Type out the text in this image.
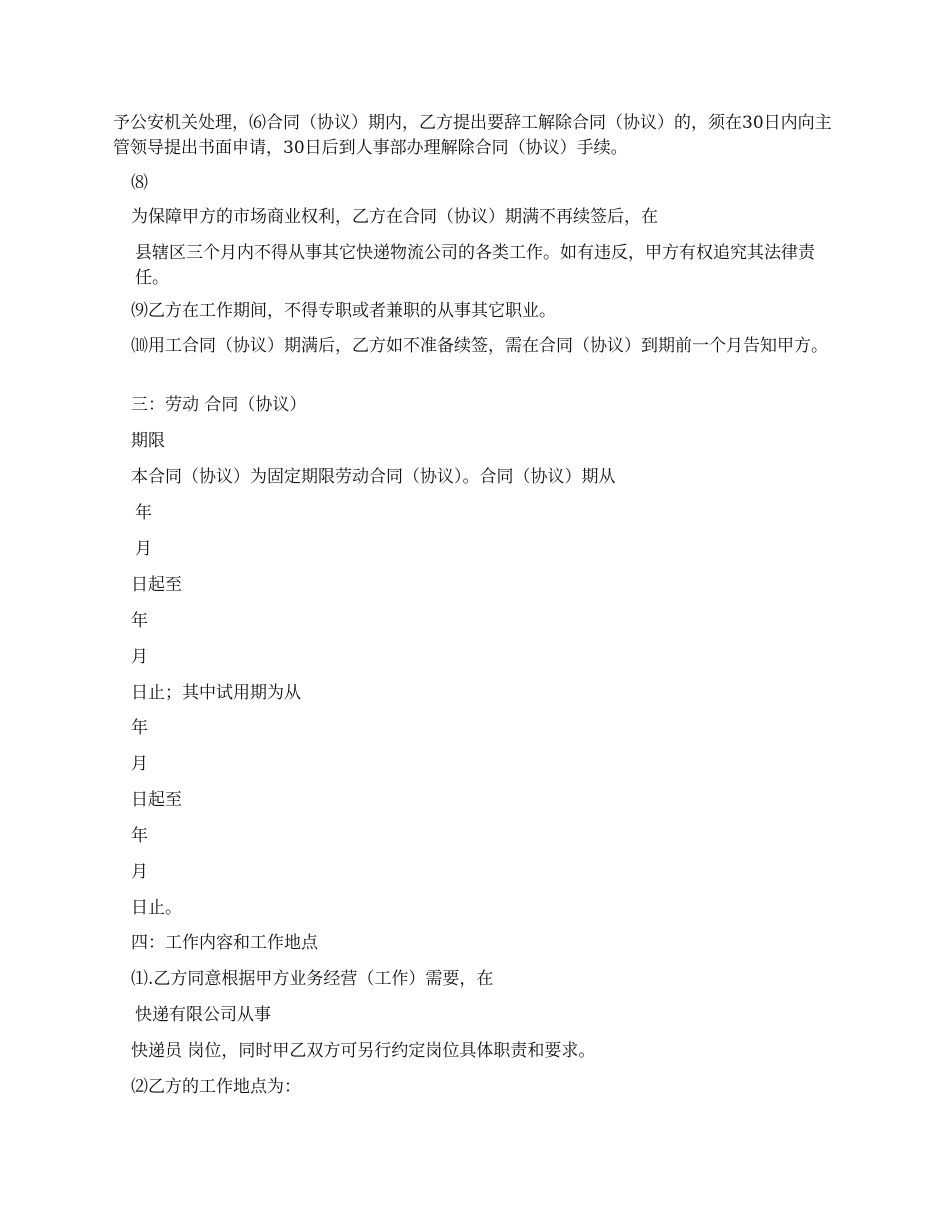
予公安机关处理，⑹合同（协议）期内，乙方提出要辞工解除合同（协议）的，须在30日内向主管领导提出书面申请，30日后到人事部办理解除合同（协议）手续。
⑻
为保障甲方的市场商业权利，乙方在合同（协议）期满不再续签后，在
县辖区三个月内不得从事其它快递物流公司的各类工作。如有违反，甲方有权追究其法律责任。
⑼乙方在工作期间，不得专职或者兼职的从事其它职业。
⑽用工合同（协议）期满后，乙方如不准备续签，需在合同（协议）到期前一个月告知甲方。
三：劳动 合同（协议）
期限
本合同（协议）为固定期限劳动合同（协议）。合同（协议）期从
年
月
日起至
年
月
日止；其中试用期为从
年
月
日起至
年
月
日止。
四：工作内容和工作地点
⑴.乙方同意根据甲方业务经营（工作）需要，在
快递有限公司从事
快递员 岗位，同时甲乙双方可另行约定岗位具体职责和要求。
⑵乙方的工作地点为：
